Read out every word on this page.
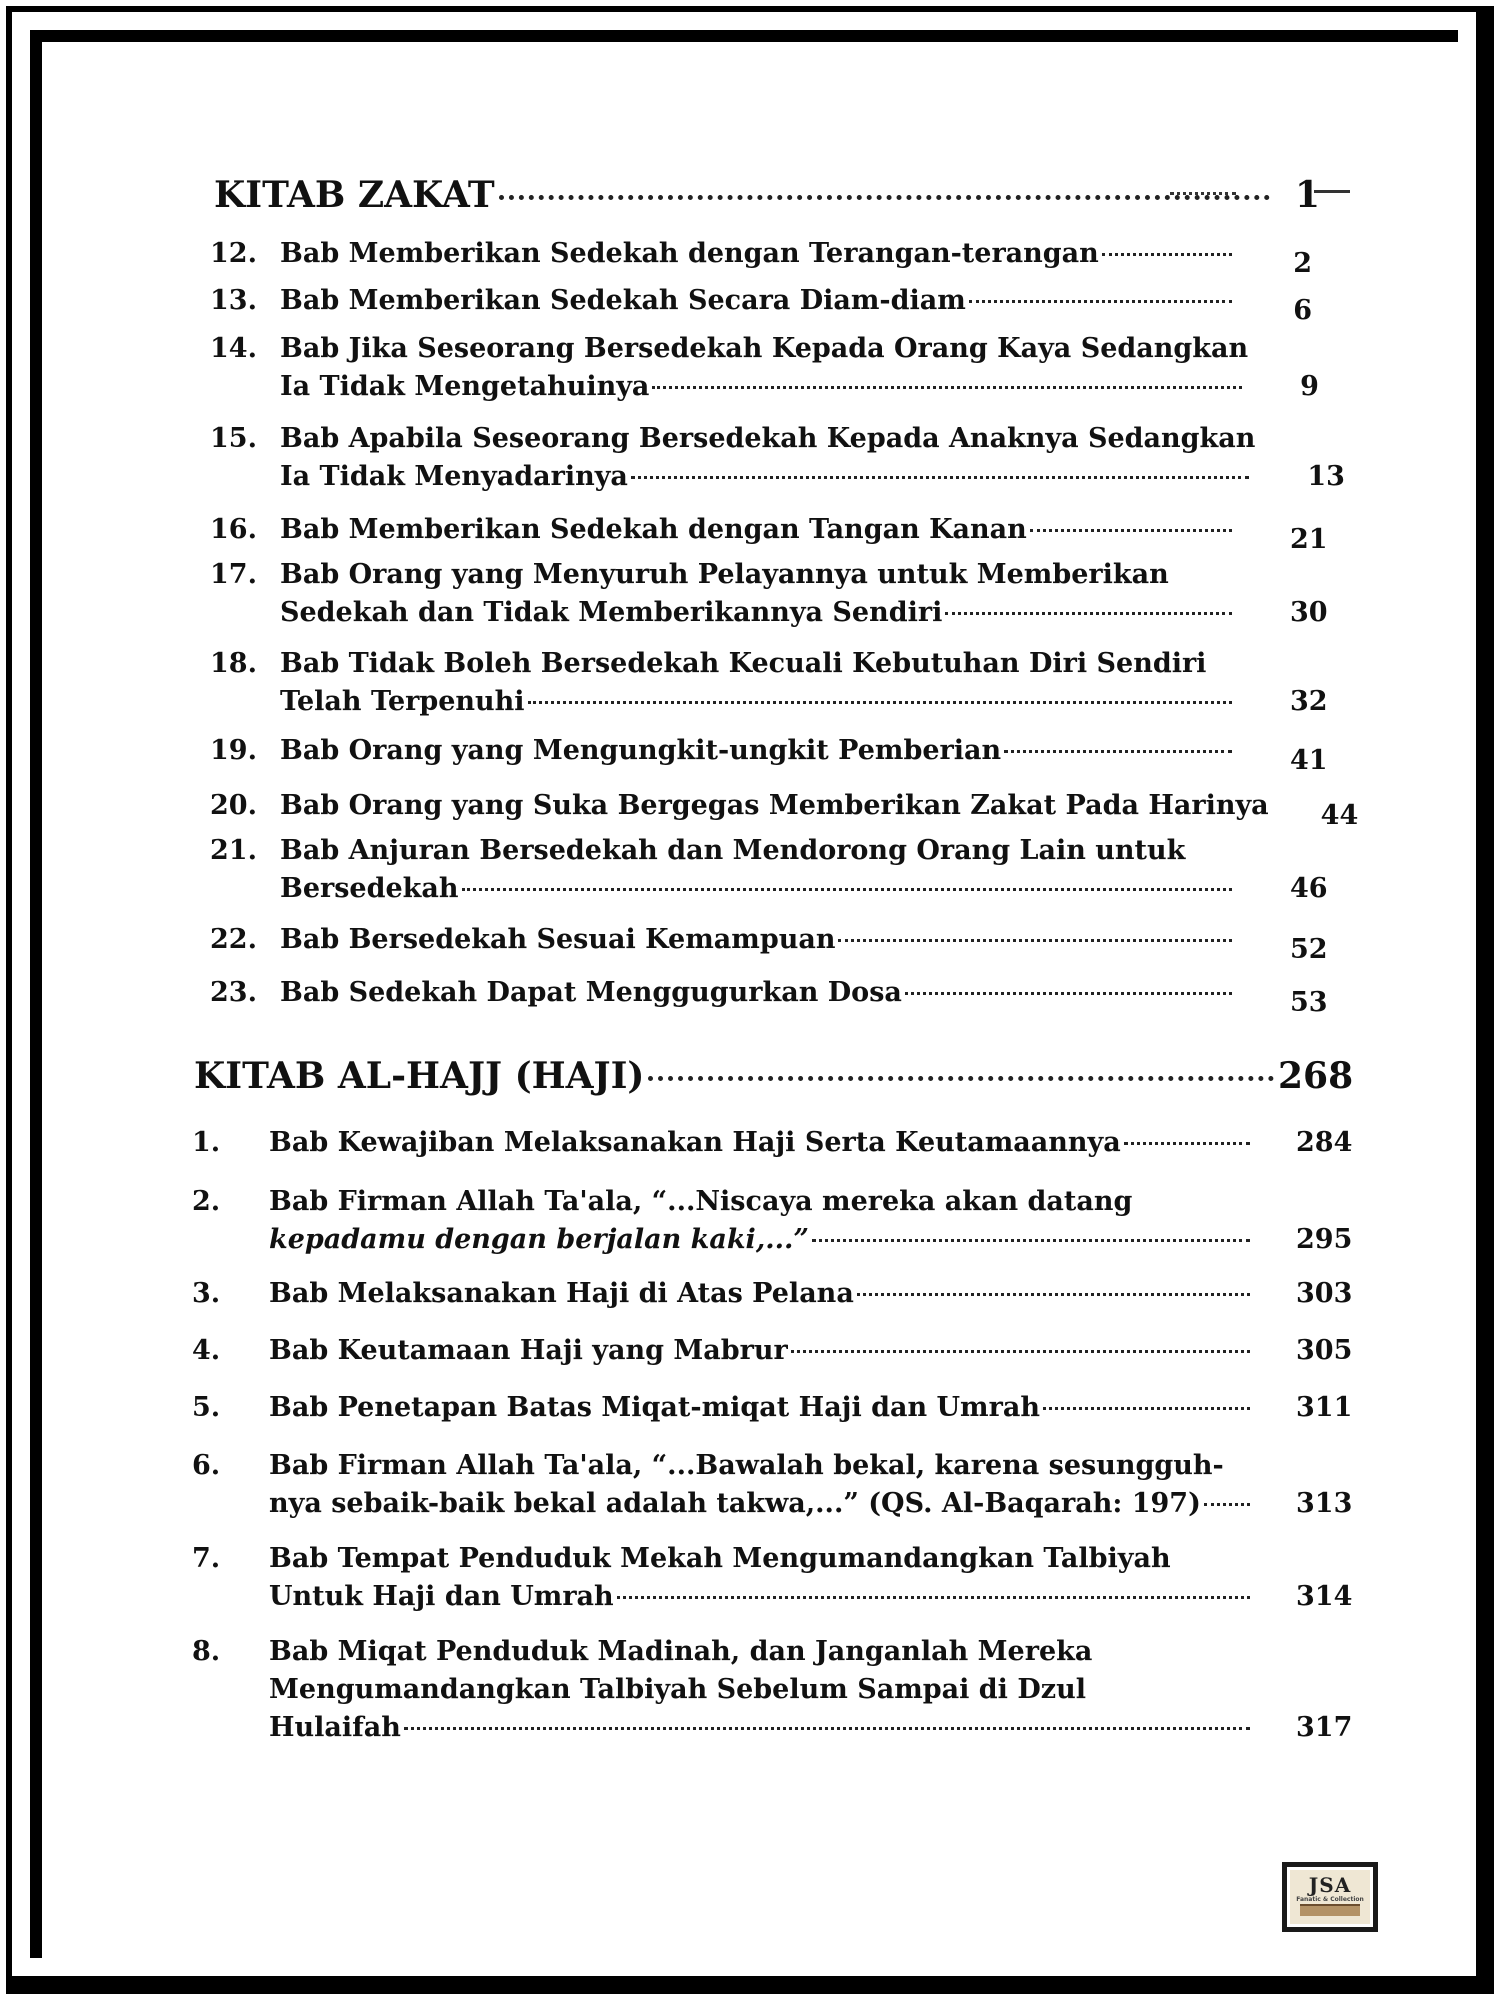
KITAB ZAKAT	1
12. Bab Memberikan Sedekah dengan Terangan-terangan	2
13. Bab Memberikan Sedekah Secara Diam-diam	6
14. Bab Jika Seseorang Bersedekah Kepada Orang Kaya Sedangkan
Ia Tidak Mengetahuinya	9
15. Bab Apabila Seseorang Bersedekah Kepada Anaknya Sedangkan
Ia Tidak Menyadarinya	13
16. Bab Memberikan Sedekah dengan Tangan Kanan	21
17. Bab Orang yang Menyuruh Pelayannya untuk Memberikan
Sedekah dan Tidak Memberikannya Sendiri	30
18. Bab Tidak Boleh Bersedekah Kecuali Kebutuhan Diri Sendiri
Telah Terpenuhi	32
19. Bab Orang yang Mengungkit-ungkit Pemberian	41
20. Bab Orang yang Suka Bergegas Memberikan Zakat Pada Harinya 44
21. Bab Anjuran Bersedekah dan Mendorong Orang Lain untuk
Bersedekah	46
22. Bab Bersedekah Sesuai Kemampuan	52
23. Bab Sedekah Dapat Menggugurkan Dosa	53
KITAB AL-HAJJ (HAJI)	268
1.	Bab Kewajiban Melaksanakan Haji Serta Keutamaannya	284
2.	Bab Firman Allah Ta'ala, “...Niscaya mereka akan datang
kepadamu dengan berjalan kaki,...”	295
3.	Bab Melaksanakan Haji di Atas Pelana	303
4.	Bab Keutamaan Haji yang Mabrur	305
5.	Bab Penetapan Batas Miqat-miqat Haji dan Umrah	311
6.	Bab Firman Allah Ta'ala, “...Bawalah bekal, karena sesungguh-
nya sebaik-baik bekal adalah takwa,...” (QS. Al-Baqarah: 197)	313
7.	Bab Tempat Penduduk Mekah Mengumandangkan Talbiyah
Untuk Haji dan Umrah	314
8.	Bab Miqat Penduduk Madinah, dan Janganlah Mereka
Mengumandangkan Talbiyah Sebelum Sampai di Dzul
Hulaifah	317
JSA
Fanatic & Collection
